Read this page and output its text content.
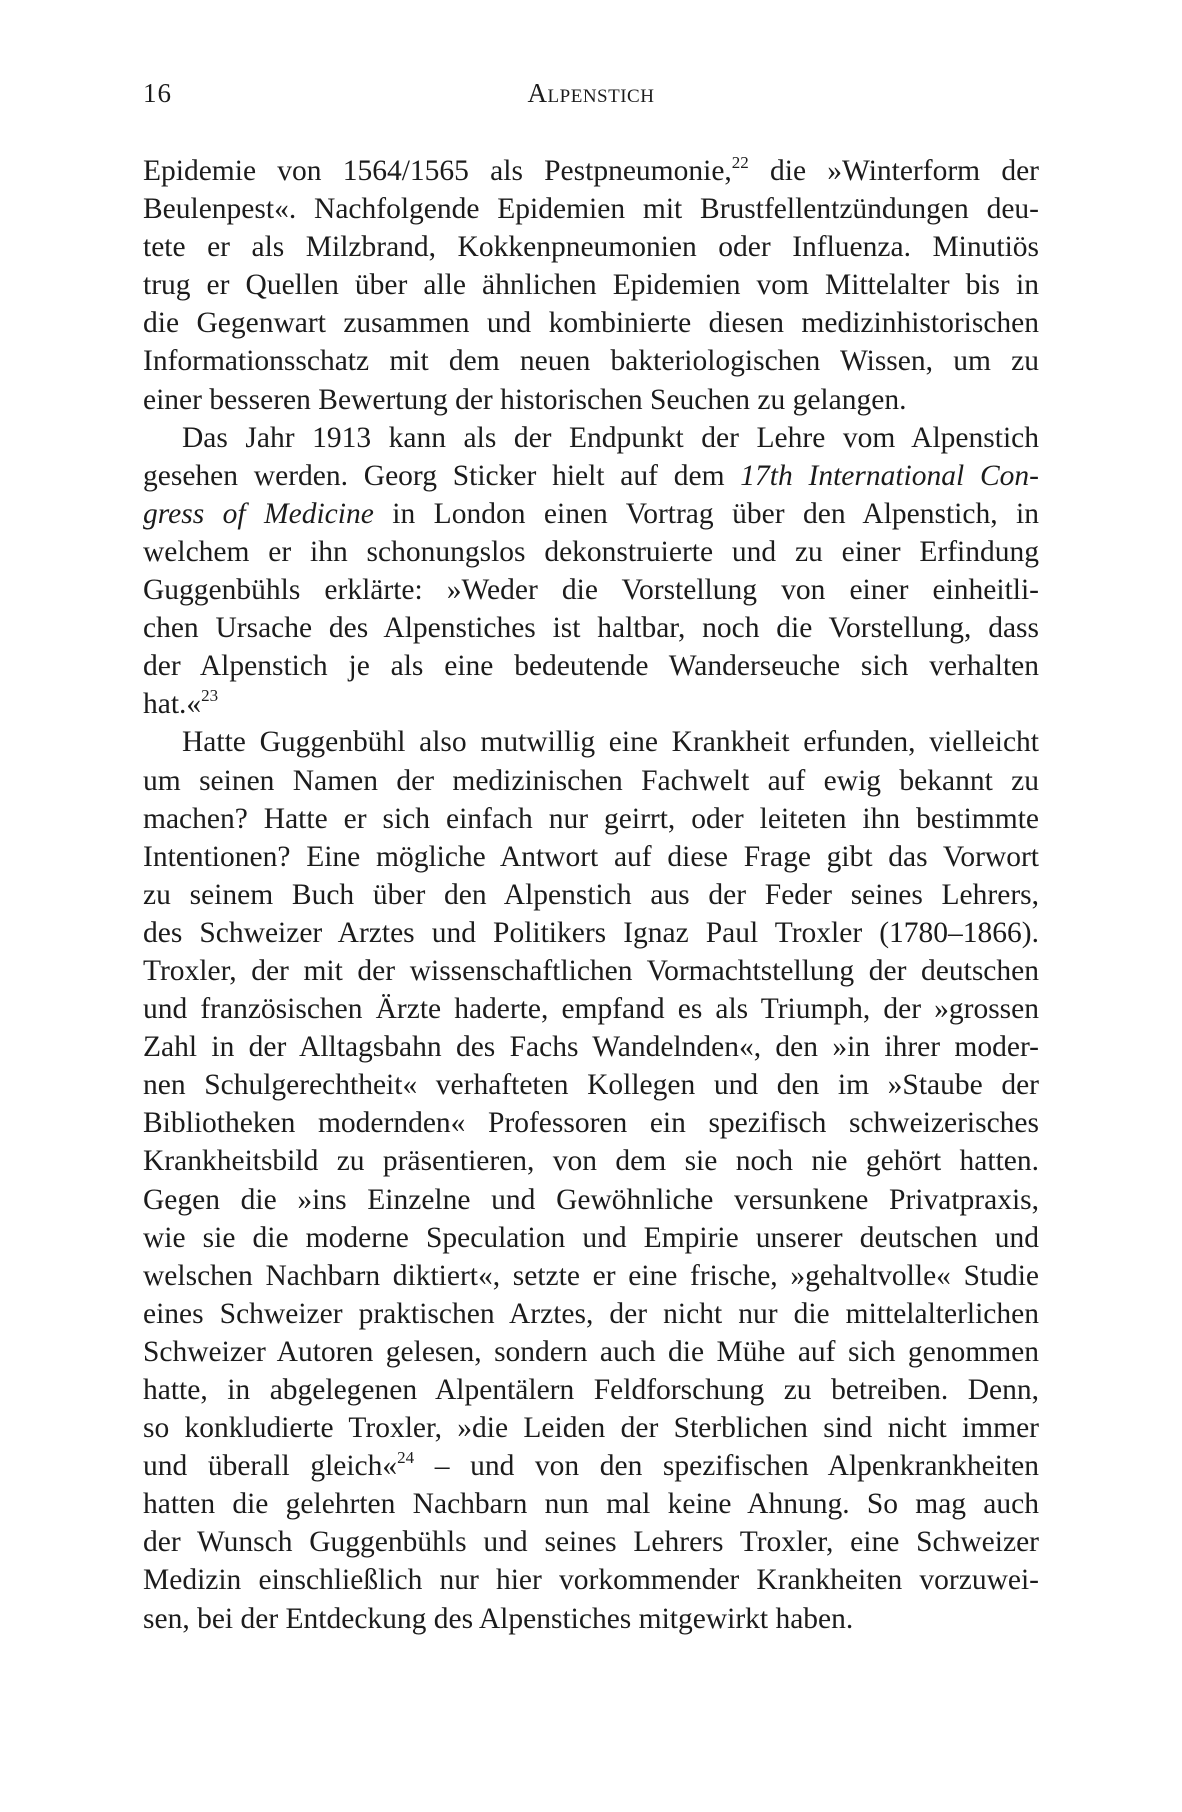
16	Alpenstich
Epidemie von 1564/1565 als Pestpneumonie,$^{22}$ die »Winterform der
Beulenpest«. Nachfolgende Epidemien mit Brustfellentzündungen deu-
tete er als Milzbrand, Kokkenpneumonien oder Influenza. Minutiös
trug er Quellen über alle ähnlichen Epidemien vom Mittelalter bis in
die Gegenwart zusammen und kombinierte diesen medizinhistorischen
Informationsschatz mit dem neuen bakteriologischen Wissen, um zu
einer besseren Bewertung der historischen Seuchen zu gelangen.
Das Jahr 1913 kann als der Endpunkt der Lehre vom Alpenstich
gesehen werden. Georg Sticker hielt auf dem 17th International Con-
gress of Medicine in London einen Vortrag über den Alpenstich, in
welchem er ihn schonungslos dekonstruierte und zu einer Erfindung
Guggenbühls erklärte: »Weder die Vorstellung von einer einheitli-
chen Ursache des Alpenstiches ist haltbar, noch die Vorstellung, dass
der Alpenstich je als eine bedeutende Wanderseuche sich verhalten
hat.«$^{23}$
Hatte Guggenbühl also mutwillig eine Krankheit erfunden, vielleicht
um seinen Namen der medizinischen Fachwelt auf ewig bekannt zu
machen? Hatte er sich einfach nur geirrt, oder leiteten ihn bestimmte
Intentionen? Eine mögliche Antwort auf diese Frage gibt das Vorwort
zu seinem Buch über den Alpenstich aus der Feder seines Lehrers,
des Schweizer Arztes und Politikers Ignaz Paul Troxler (1780–1866).
Troxler, der mit der wissenschaftlichen Vormachtstellung der deutschen
und französischen Ärzte haderte, empfand es als Triumph, der »grossen
Zahl in der Alltagsbahn des Fachs Wandelnden«, den »in ihrer moder-
nen Schulgerechtheit« verhafteten Kollegen und den im »Staube der
Bibliotheken modernden« Professoren ein spezifisch schweizerisches
Krankheitsbild zu präsentieren, von dem sie noch nie gehört hatten.
Gegen die »ins Einzelne und Gewöhnliche versunkene Privatpraxis,
wie sie die moderne Speculation und Empirie unserer deutschen und
welschen Nachbarn diktiert«, setzte er eine frische, »gehaltvolle« Studie
eines Schweizer praktischen Arztes, der nicht nur die mittelalterlichen
Schweizer Autoren gelesen, sondern auch die Mühe auf sich genommen
hatte, in abgelegenen Alpentälern Feldforschung zu betreiben. Denn,
so konkludierte Troxler, »die Leiden der Sterblichen sind nicht immer
und überall gleich«$^{24}$ – und von den spezifischen Alpenkrankheiten
hatten die gelehrten Nachbarn nun mal keine Ahnung. So mag auch
der Wunsch Guggenbühls und seines Lehrers Troxler, eine Schweizer
Medizin einschließlich nur hier vorkommender Krankheiten vorzuwei-
sen, bei der Entdeckung des Alpenstiches mitgewirkt haben.
